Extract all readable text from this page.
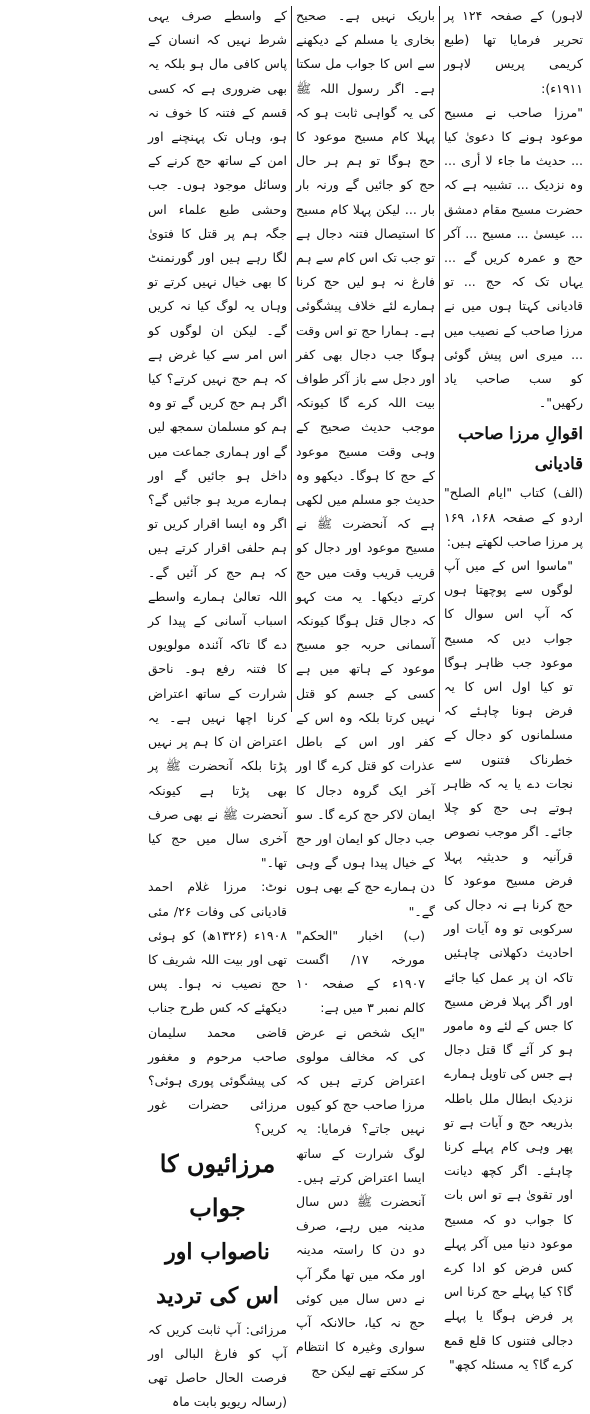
لاہور) کے صفحہ ۱۲۴ پر تحریر فرمایا تھا (طبع کریمی پریس لاہور ۱۹۱۱ء):

"مرزا صاحب نے مسیح موعود ہونے کا دعویٰ کیا ... حدیث ما جاء لا أرى ... وہ نزدیک ... تشبیہ ہے کہ حضرت مسیح مقام دمشق ... عیسیٰ ... مسیح ... آکر حج و عمرہ کریں گے ... یہاں تک کہ حج ... تو قادیانی کہتا ہوں میں نے مرزا صاحب کے نصیب میں ... میری اس پیش گوئی کو سب صاحب یاد رکھیں"۔

اقوالِ مرزا صاحب قادیانی

(الف) کتاب "ایام الصلح" اردو کے صفحہ ۱۶۸، ۱۶۹ پر مرزا صاحب لکھتے ہیں:

"ماسوا اس کے میں آپ لوگوں سے پوچھتا ہوں کہ آپ اس سوال کا جواب دیں کہ مسیح موعود جب ظاہر ہوگا تو کیا اول اس کا یہ فرض ہونا چاہئے کہ مسلمانوں کو دجال کے خطرناک فتنوں سے نجات دے یا یہ کہ ظاہر ہوتے ہی حج کو چلا جائے۔ اگر موجب نصوص قرآنیہ و حدیثیہ پہلا فرض مسیح موعود کا حج کرنا ہے نہ دجال کی سرکوبی تو وہ آیات اور احادیث دکھلانی چاہئیں تاکہ ان پر عمل کیا جائے اور اگر پہلا فرض مسیح کا جس کے لئے وہ مامور ہو کر آئے گا قتل دجال ہے جس کی تاویل ہمارے نزدیک ابطال ملل باطلہ بذریعہ حج و آیات ہے تو پھر وہی کام پہلے کرنا چاہئے۔ اگر کچھ دیانت اور تقویٰ ہے تو اس بات کا جواب دو کہ مسیح موعود دنیا میں آکر پہلے کس فرض کو ادا کرے گا؟ کیا پہلے حج کرنا اس پر فرض ہوگا یا پہلے دجالی فتنوں کا قلع قمع کرے گا؟ یہ مسئلہ کچھ"

باریک نہیں ہے۔ صحیح بخاری یا مسلم کے دیکھنے سے اس کا جواب مل سکتا ہے۔ اگر رسول اللہ ﷺ کی یہ گواہی ثابت ہو کہ پہلا کام مسیح موعود کا حج ہوگا تو ہم ہر حال حج کو جائیں گے ورنہ بار بار ... لیکن پہلا کام مسیح کا استیصال فتنہ دجال ہے تو جب تک اس کام سے ہم فارغ نہ ہو لیں حج کرنا ہمارے لئے خلاف پیشگوئی ہے۔ ہمارا حج تو اس وقت ہوگا جب دجال بھی کفر اور دجل سے باز آکر طواف بیت اللہ کرے گا کیونکہ موجب حدیث صحیح کے وہی وقت مسیح موعود کے حج کا ہوگا۔ دیکھو وہ حدیث جو مسلم میں لکھی ہے کہ آنحضرت ﷺ نے مسیح موعود اور دجال کو قریب قریب وقت میں حج کرتے دیکھا۔ یہ مت کہو کہ دجال قتل ہوگا کیونکہ آسمانی حربہ جو مسیح موعود کے ہاتھ میں ہے کسی کے جسم کو قتل نہیں کرتا بلکہ وہ اس کے کفر اور اس کے باطل عذرات کو قتل کرے گا اور آخر ایک گروہ دجال کا ایمان لاکر حج کرے گا۔ سو جب دجال کو ایمان اور حج کے خیال پیدا ہوں گے وہی دن ہمارے حج کے بھی ہوں گے۔"

(ب) اخبار "الحکم" مورخہ ۱۷/ اگست ۱۹۰۷ء کے صفحہ ۱۰ کالم نمبر ۳ میں ہے:

"ایک شخص نے عرض کی کہ مخالف مولوی اعتراض کرتے ہیں کہ مرزا صاحب حج کو کیوں نہیں جاتے؟ فرمایا: یہ لوگ شرارت کے ساتھ ایسا اعتراض کرتے ہیں۔ آنحضرت ﷺ دس سال مدینہ میں رہے، صرف دو دن کا راستہ مدینہ اور مکہ میں تھا مگر آپ نے دس سال میں کوئی حج نہ کیا، حالانکہ آپ سواری وغیرہ کا انتظام کر سکتے تھے لیکن حج

کے واسطے صرف یہی شرط نہیں کہ انسان کے پاس کافی مال ہو بلکہ یہ بھی ضروری ہے کہ کسی قسم کے فتنہ کا خوف نہ ہو، وہاں تک پہنچنے اور امن کے ساتھ حج کرنے کے وسائل موجود ہوں۔ جب وحشی طبع علماء اس جگہ ہم پر قتل کا فتویٰ لگا رہے ہیں اور گورنمنٹ کا بھی خیال نہیں کرتے تو وہاں یہ لوگ کیا نہ کریں گے۔ لیکن ان لوگوں کو اس امر سے کیا غرض ہے کہ ہم حج نہیں کرتے؟ کیا اگر ہم حج کریں گے تو وہ ہم کو مسلمان سمجھ لیں گے اور ہماری جماعت میں داخل ہو جائیں گے اور ہمارے مرید ہو جائیں گے؟ اگر وہ ایسا اقرار کریں تو ہم حلفی اقرار کرتے ہیں کہ ہم حج کر آئیں گے۔ اللہ تعالیٰ ہمارے واسطے اسباب آسانی کے پیدا کر دے گا تاکہ آئندہ مولویوں کا فتنہ رفع ہو۔ ناحق شرارت کے ساتھ اعتراض کرنا اچھا نہیں ہے۔ یہ اعتراض ان کا ہم پر نہیں پڑتا بلکہ آنحضرت ﷺ پر بھی پڑتا ہے کیونکہ آنحضرت ﷺ نے بھی صرف آخری سال میں حج کیا تھا۔"

نوٹ: مرزا غلام احمد قادیانی کی وفات ۲۶/ مئی ۱۹۰۸ء (۱۳۲۶ھ) کو ہوئی تھی اور بیت اللہ شریف کا حج نصیب نہ ہوا۔ پس دیکھئے کہ کس طرح جناب قاضی محمد سلیمان صاحب مرحوم و مغفور کی پیشگوئی پوری ہوئی؟ مرزائی حضرات غور کریں؟

مرزائیوں کا جواب

ناصواب اور اس کی تردید

مرزائی: آپ ثابت کریں کہ آپ کو فارغ البالی اور فرصت الحال حاصل تھی (رسالہ ریویو بابت ماہ
